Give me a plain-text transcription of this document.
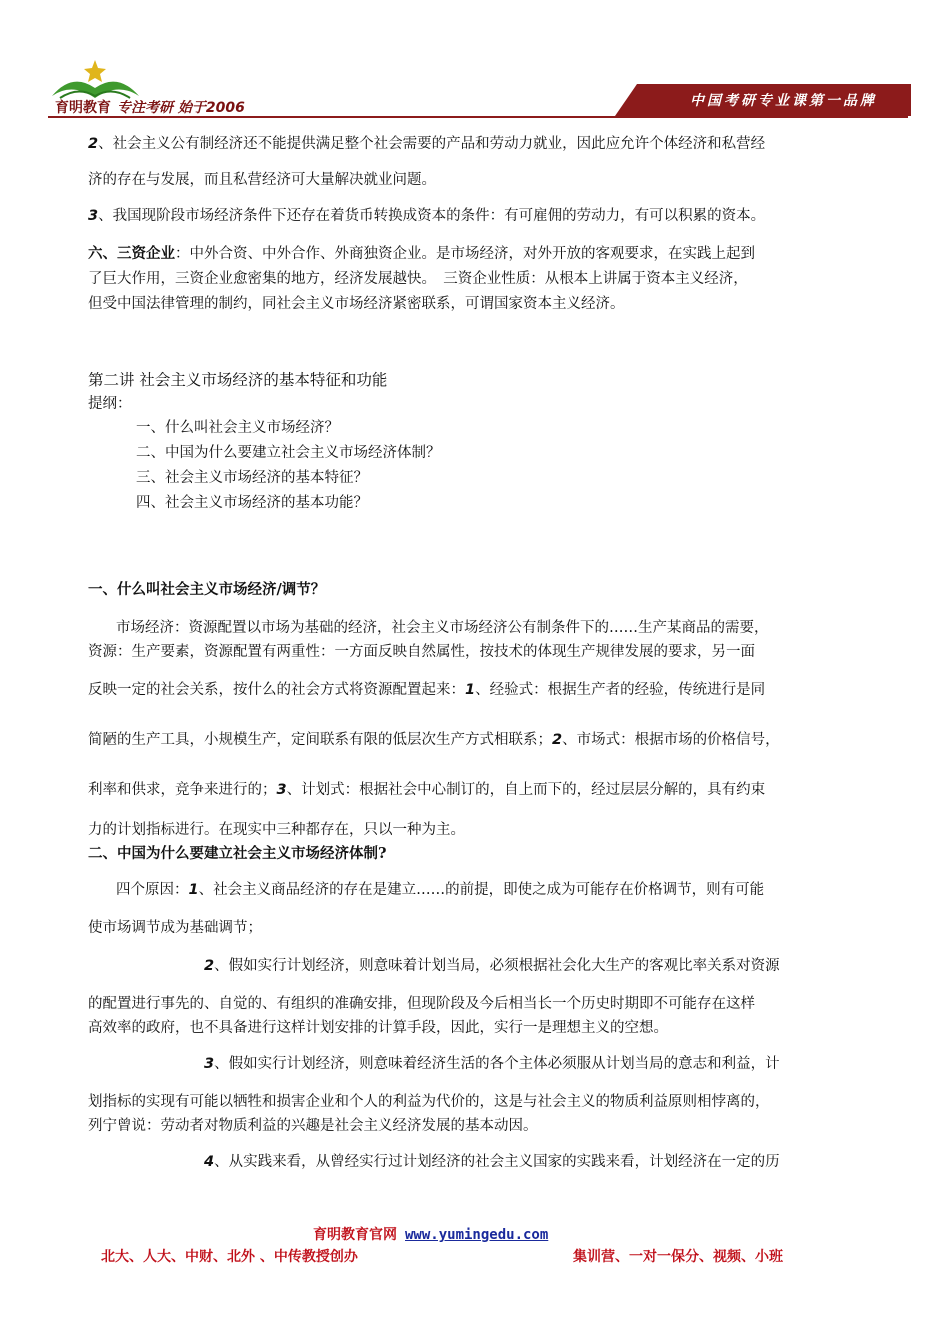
育明教育 专注考研 始于2006	中国考研专业课第一品牌

2、社会主义公有制经济还不能提供满足整个社会需要的产品和劳动力就业，因此应允许个体经济和私营经

济的存在与发展，而且私营经济可大量解决就业问题。

3、我国现阶段市场经济条件下还存在着货币转换成资本的条件：有可雇佣的劳动力，有可以积累的资本。

六、三资企业：中外合资、中外合作、外商独资企业。是市场经济，对外开放的客观要求，在实践上起到

了巨大作用，三资企业愈密集的地方，经济发展越快。　三资企业性质：从根本上讲属于资本主义经济，

但受中国法律管理的制约，同社会主义市场经济紧密联系，可谓国家资本主义经济。

第二讲 社会主义市场经济的基本特征和功能

提纲：

一、什么叫社会主义市场经济？

二、中国为什么要建立社会主义市场经济体制？

三、社会主义市场经济的基本特征？

四、社会主义市场经济的基本功能？

一、什么叫社会主义市场经济/调节？

市场经济：资源配置以市场为基础的经济，社会主义市场经济公有制条件下的……生产某商品的需要，

资源：生产要素，资源配置有两重性：一方面反映自然属性，按技术的体现生产规律发展的要求，另一面

反映一定的社会关系，按什么的社会方式将资源配置起来：1、经验式：根据生产者的经验，传统进行是同

简陋的生产工具，小规模生产，定间联系有限的低层次生产方式相联系；2、市场式：根据市场的价格信号，

利率和供求，竞争来进行的；3、计划式：根据社会中心制订的，自上而下的，经过层层分解的，具有约束

力的计划指标进行。在现实中三种都存在，只以一种为主。

二、中国为什么要建立社会主义市场经济体制?

四个原因：1、社会主义商品经济的存在是建立……的前提，即使之成为可能存在价格调节，则有可能

使市场调节成为基础调节；

2、假如实行计划经济，则意味着计划当局，必须根据社会化大生产的客观比率关系对资源

的配置进行事先的、自觉的、有组织的准确安排，但现阶段及今后相当长一个历史时期即不可能存在这样

高效率的政府，也不具备进行这样计划安排的计算手段，因此，实行一是理想主义的空想。

3、假如实行计划经济，则意味着经济生活的各个主体必须服从计划当局的意志和利益，计

划指标的实现有可能以牺牲和损害企业和个人的利益为代价的，这是与社会主义的物质利益原则相悖离的，

列宁曾说：劳动者对物质利益的兴趣是社会主义经济发展的基本动因。

4、从实践来看，从曾经实行过计划经济的社会主义国家的实践来看，计划经济在一定的历

育明教育官网 www.yumingedu.com
北大、人大、中财、北外 、中传教授创办	集训营、一对一保分、视频、小班
